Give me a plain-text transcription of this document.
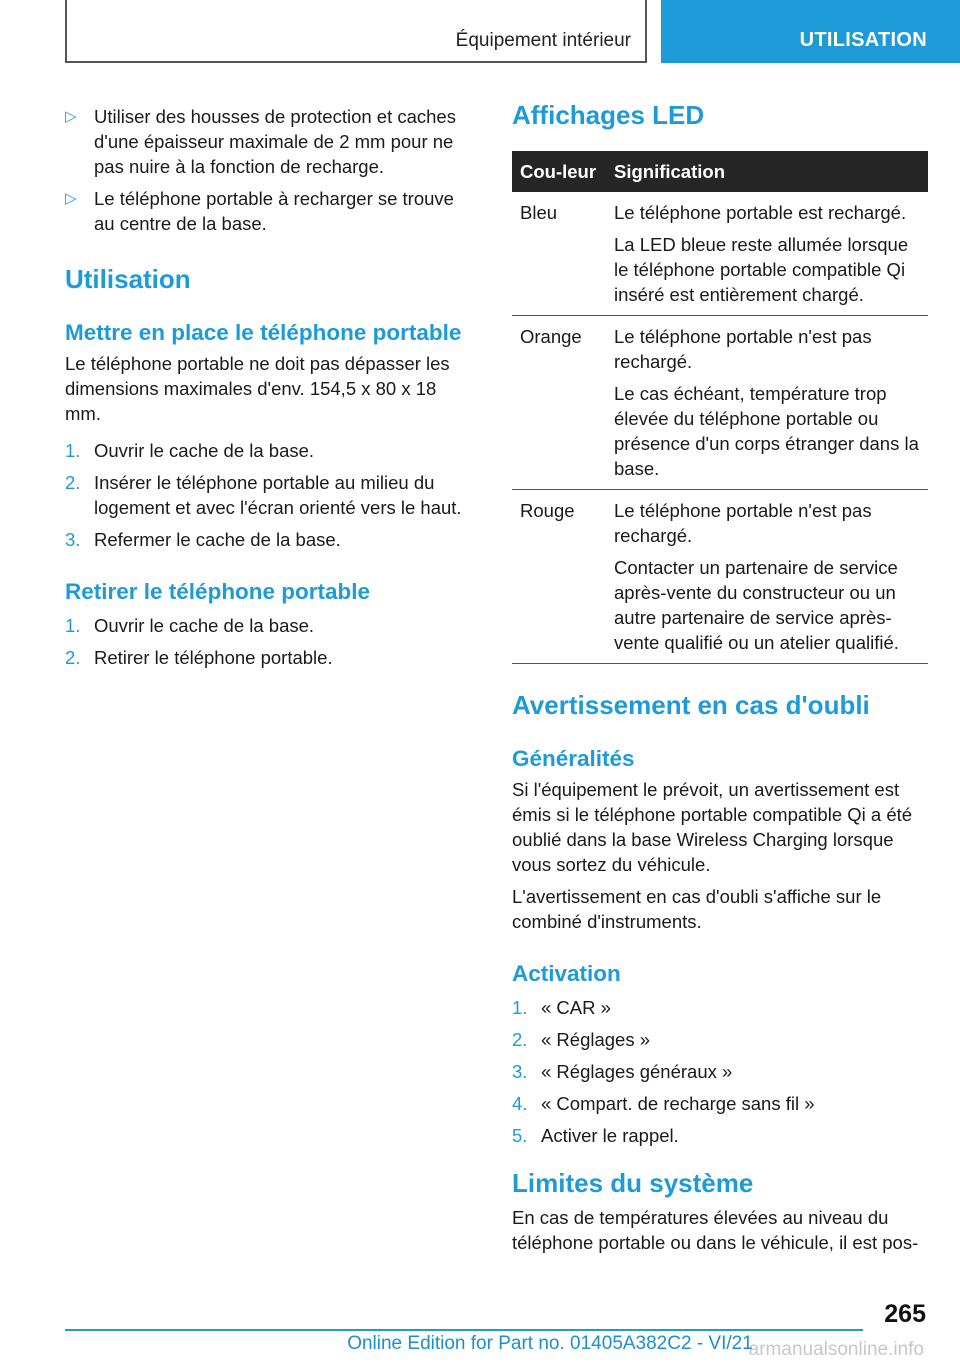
Équipement intérieur	UTILISATION
▷ Utiliser des housses de protection et caches d'une épaisseur maximale de 2 mm pour ne pas nuire à la fonction de recharge.
▷ Le téléphone portable à recharger se trouve au centre de la base.
Utilisation
Mettre en place le téléphone portable

Le téléphone portable ne doit pas dépasser les dimensions maximales d'env. 154,5 x 80 x 18 mm.

1. Ouvrir le cache de la base.
2. Insérer le téléphone portable au milieu du logement et avec l'écran orienté vers le haut.
3. Refermer le cache de la base.
Retirer le téléphone portable
1. Ouvrir le cache de la base.
2. Retirer le téléphone portable.
Affichages LED
Cou-leur	Signification
Bleu	Le téléphone portable est rechargé.
La LED bleue reste allumée lorsque le téléphone portable compatible Qi inséré est entièrement chargé.

Orange	Le téléphone portable n'est pas rechargé.
Le cas échéant, température trop élevée du téléphone portable ou présence d'un corps étranger dans la base.

Rouge	Le téléphone portable n'est pas rechargé.
Contacter un partenaire de service après-vente du constructeur ou un autre partenaire de service après-vente qualifié ou un atelier qualifié.
Avertissement en cas d'oubli
Généralités

Si l'équipement le prévoit, un avertissement est émis si le téléphone portable compatible Qi a été oublié dans la base Wireless Charging lorsque vous sortez du véhicule.

L'avertissement en cas d'oubli s'affiche sur le combiné d'instruments.

Activation
1. « CAR »
2. « Réglages »
3. « Réglages généraux »
4. « Compart. de recharge sans fil »
5. Activer le rappel.
Limites du système

En cas de températures élevées au niveau du téléphone portable ou dans le véhicule, il est pos-

265
Online Edition for Part no. 01405A382C2 - VI/21
armanualsonline.info
